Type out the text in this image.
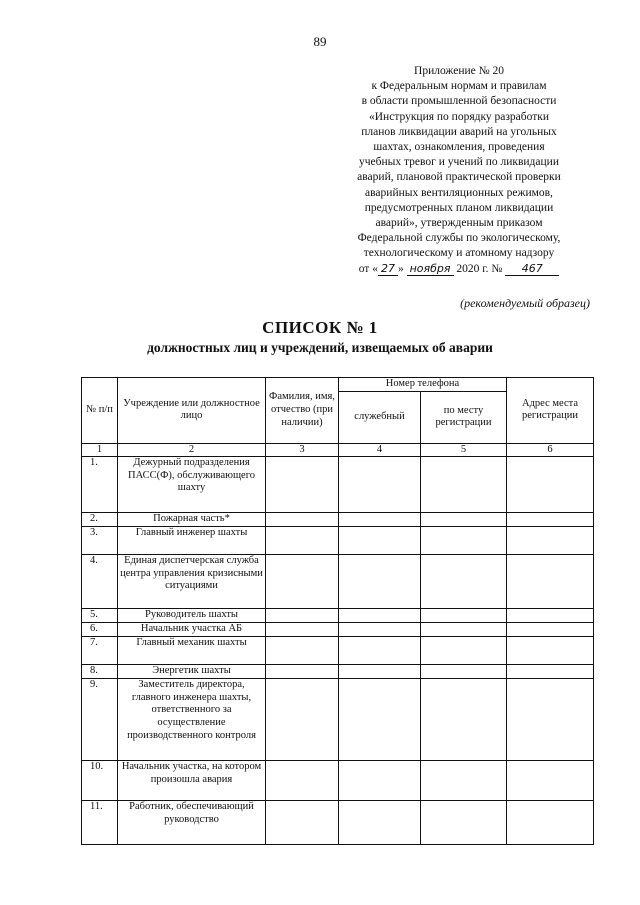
89
Приложение № 20
к Федеральным нормам и правилам
в области промышленной безопасности
«Инструкция по порядку разработки
планов ликвидации аварий на угольных
шахтах, ознакомления, проведения
учебных тревог и учений по ликвидации
аварий, плановой практической проверки
аварийных вентиляционных режимов,
предусмотренных планом ликвидации
аварий», утвержденным приказом
Федеральной службы по экологическому,
технологическому и атомному надзору
от « 27 » ноября 2020 г. № 467
(рекомендуемый образец)
СПИСОК № 1
должностных лиц и учреждений, извещаемых об аварии
№ п/п	Учреждение или должностное лицо	Фамилия, имя, отчество (при наличии)	Номер телефона		Адрес места регистрации
			служебный	по месту регистрации	
1	2	3	4	5	6
1.	Дежурный подразделения ПАСС(Ф), обслуживающего шахту				
2.	Пожарная часть*				
3.	Главный инженер шахты				
4.	Единая диспетчерская служба центра управления кризисными ситуациями				
5.	Руководитель шахты				
6.	Начальник участка АБ				
7.	Главный механик шахты				
8.	Энергетик шахты				
9.	Заместитель директора, главного инженера шахты, ответственного за осуществление производственного контроля				
10.	Начальник участка, на котором произошла авария				
11.	Работник, обеспечивающий руководство				
